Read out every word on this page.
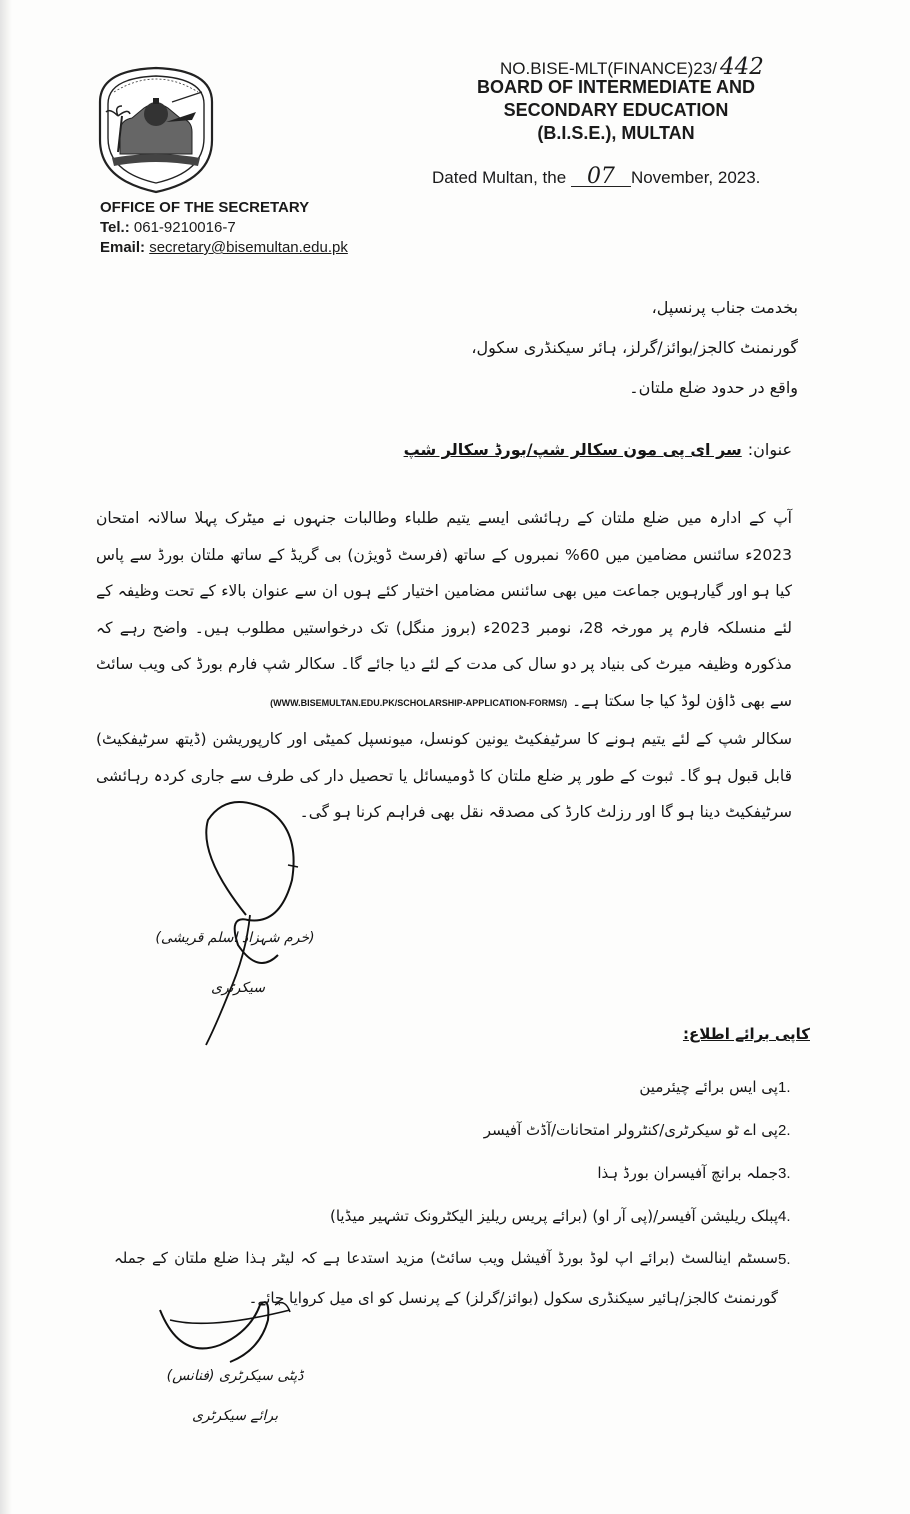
NO.BISE-MLT(FINANCE)23/ 442
BOARD OF INTERMEDIATE AND
SECONDARY EDUCATION
(B.I.S.E.), MULTAN
Dated Multan, the 07 November, 2023.
OFFICE OF THE SECRETARY
Tel.: 061-9210016-7
Email: secretary@bisemultan.edu.pk
بخدمت جناب پرنسپل،
گورنمنٹ کالجز/بوائز/گرلز، ہائر سیکنڈری سکول،
واقع در حدود ضلع ملتان۔
عنوان:سر ای پی مون سکالر شپ/بورڈ سکالر شپ

آپ کے ادارہ میں ضلع ملتان کے رہائشی ایسے یتیم طلباء وطالبات جنہوں نے میٹرک پہلا سالانہ امتحان 2023ء سائنس مضامین میں 60% نمبروں کے ساتھ (فرسٹ ڈویژن) بی گریڈ کے ساتھ ملتان بورڈ سے پاس کیا ہو اور گیارہویں جماعت میں بھی سائنس مضامین اختیار کئے ہوں ان سے عنوان بالاء کے تحت وظیفہ کے لئے منسلکہ فارم پر مورخہ 28، نومبر 2023ء (بروز منگل) تک درخواستیں مطلوب ہیں۔ واضح رہے کہ مذکورہ وظیفہ میرٹ کی بنیاد پر دو سال کی مدت کے لئے دیا جائے گا۔ سکالر شپ فارم بورڈ کی ویب سائٹ سے بھی ڈاؤن لوڈ کیا جا سکتا ہے۔ (WWW.BISEMULTAN.EDU.PK/SCHOLARSHIP-APPLICATION-FORMS/)

سکالر شپ کے لئے یتیم ہونے کا سرٹیفکیٹ یونین کونسل، میونسپل کمیٹی اور کارپوریشن (ڈیتھ سرٹیفکیٹ) قابل قبول ہو گا۔ ثبوت کے طور پر ضلع ملتان کا ڈومیسائل یا تحصیل دار کی طرف سے جاری کردہ رہائشی سرٹیفکیٹ دینا ہو گا اور رزلٹ کارڈ کی مصدقہ نقل بھی فراہم کرنا ہو گی۔

(خرم شہزاد اسلم قریشی)
سیکرٹری
کاپی برائے اطلاع:
1.
پی ایس برائے چیئرمین
2.
پی اے ٹو سیکرٹری/کنٹرولر امتحانات/آڈٹ آفیسر
3.
جملہ برانچ آفیسران بورڈ ہذا
4.
پبلک ریلیشن آفیسر/(پی آر او) (برائے پریس ریلیز الیکٹرونک تشہیر میڈیا)
5.
سسٹم اینالسٹ (برائے اپ لوڈ بورڈ آفیشل ویب سائٹ) مزید استدعا ہے کہ لیٹر ہذا ضلع ملتان کے جملہ گورنمنٹ کالجز/ہائیر سیکنڈری سکول (بوائز/گرلز) کے پرنسل کو ای میل کروایا جائے۔
ڈپٹی سیکرٹری (فنانس)
برائے سیکرٹری
